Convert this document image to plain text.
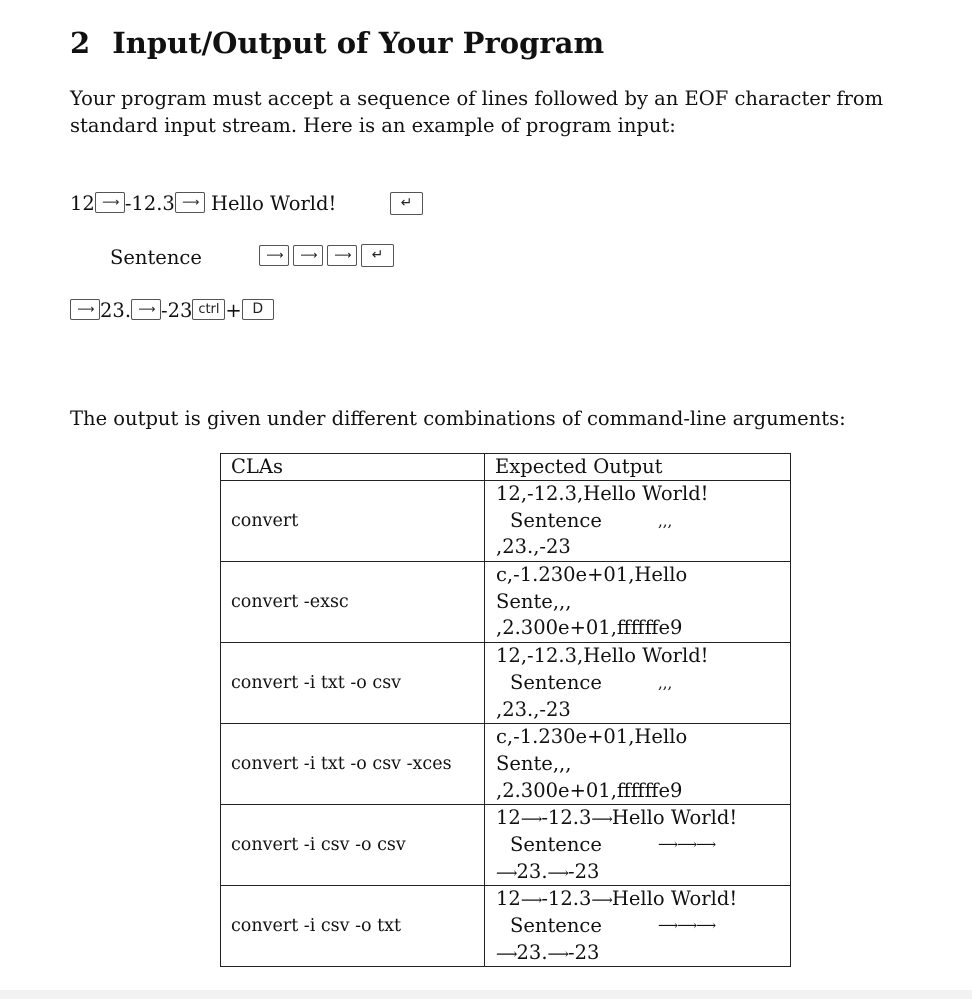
2 Input/Output of Your Program

Your program must accept a sequence of lines followed by an EOF character from standard input stream. Here is an example of program input:

12 ⟶ -12.3 ⟶ Hello World!	↵
Sentence	⟶ ⟶ ⟶ ↵
⟶ 23. ⟶ -23 ctrl + D

The output is given under different combinations of command-line arguments:

CLAs	Expected Output
convert	12,-12.3,Hello World!
Sentence ,,,
,23.,-23

convert -exsc	c,-1.230e+01,Hello
Sente,,,
,2.300e+01,ffffffe9

convert -i txt -o csv	12,-12.3,Hello World!
Sentence ,,,
,23.,-23

convert -i txt -o csv -xces	c,-1.230e+01,Hello
Sente,,,
,2.300e+01,ffffffe9

convert -i csv -o csv	12⟶-12.3⟶Hello World!
Sentence ⟶⟶⟶
⟶23.⟶-23

convert -i csv -o txt	12⟶-12.3⟶Hello World!
Sentence ⟶⟶⟶
⟶23.⟶-23
